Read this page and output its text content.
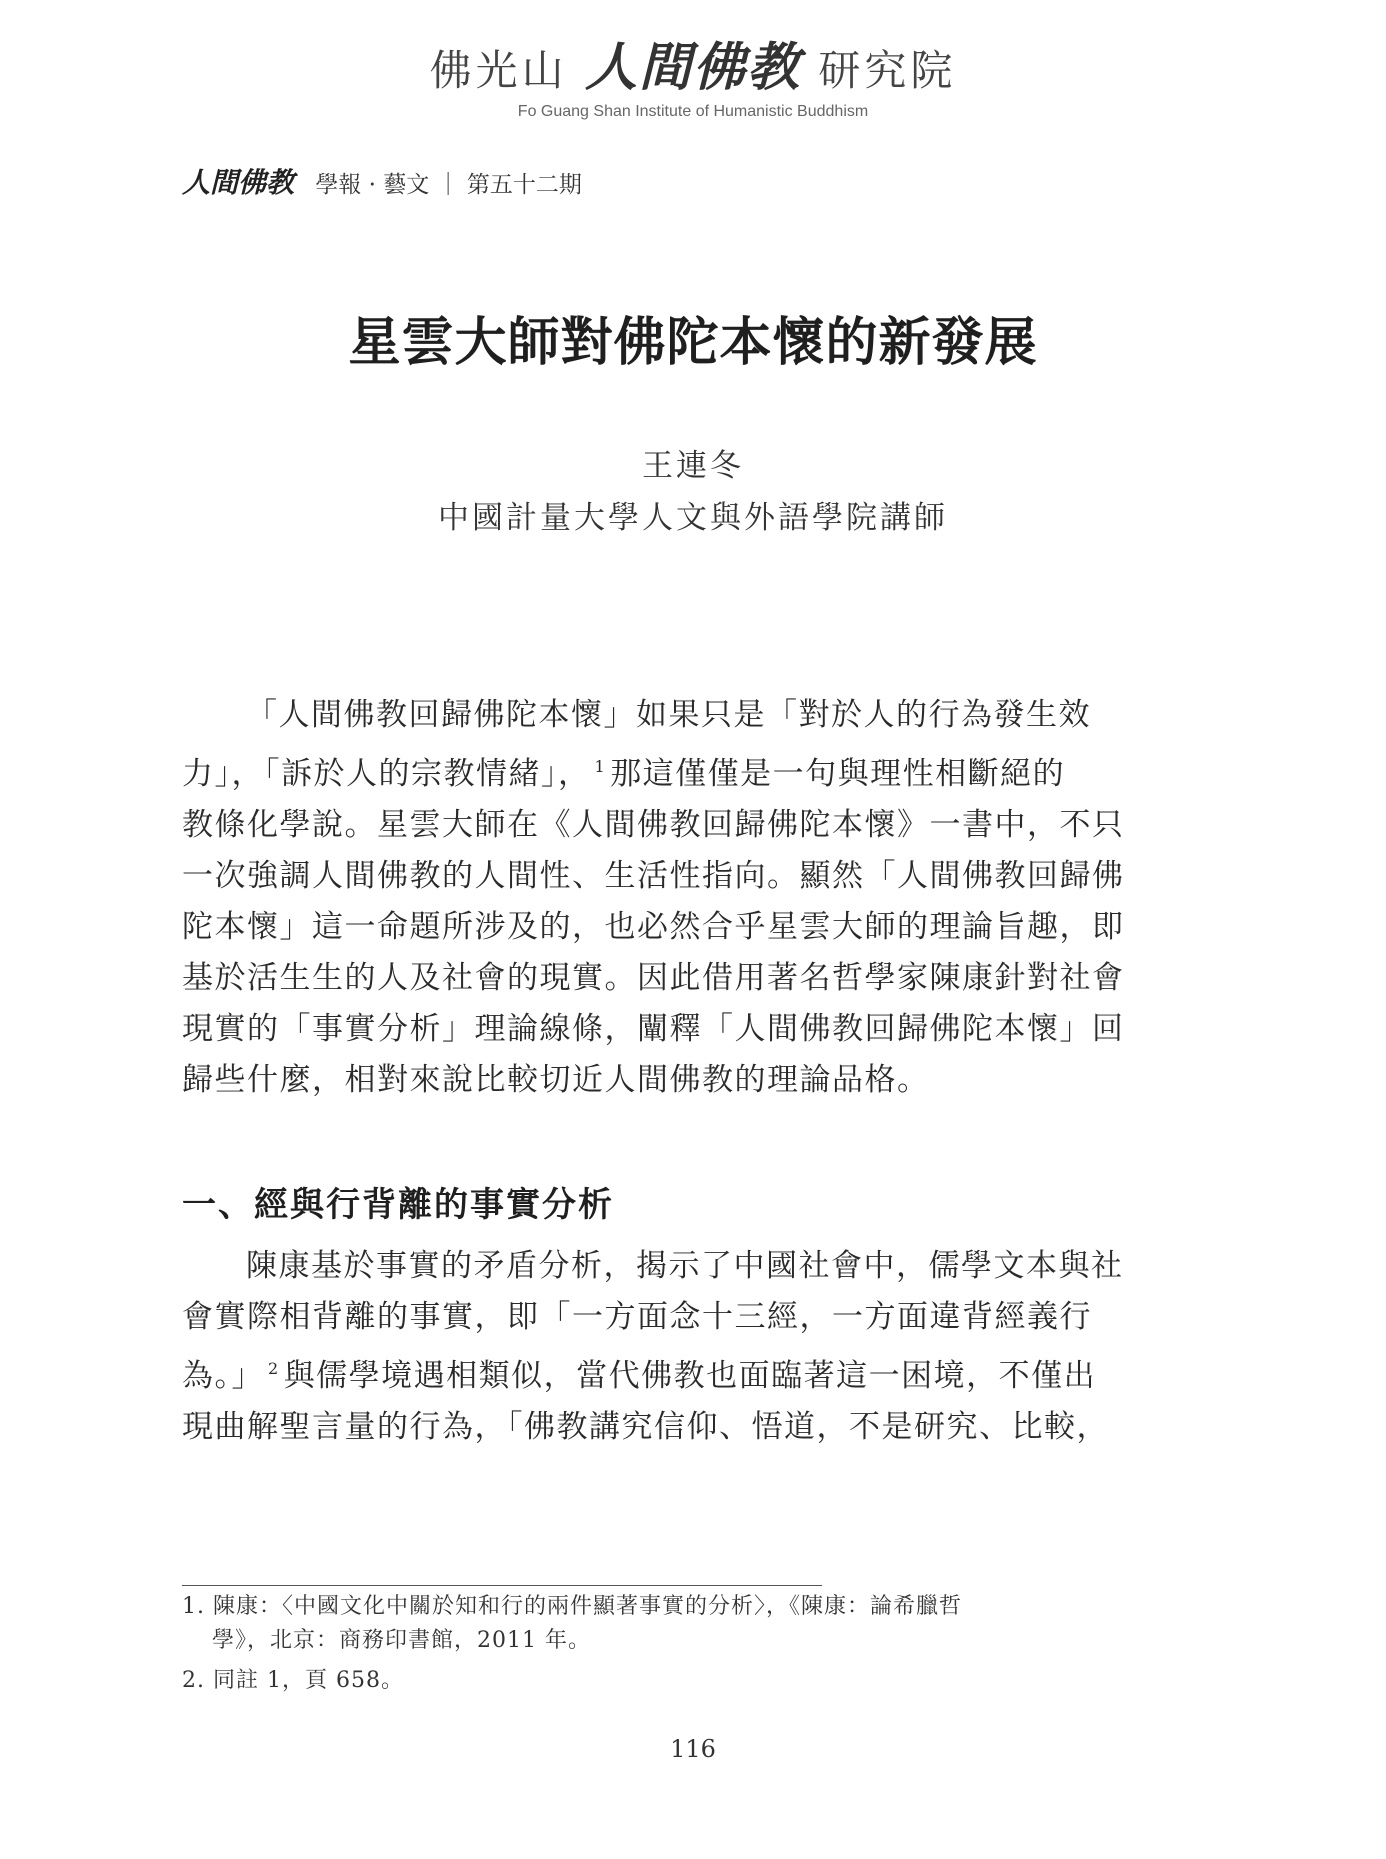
佛光山 人間佛教 研究院
Fo Guang Shan Institute of Humanistic Buddhism
人間佛教 學報 · 藝文 ｜ 第五十二期
星雲大師對佛陀本懷的新發展
王連冬
中國計量大學人文與外語學院講師

「人間佛教回歸佛陀本懷」如果只是「對於人的行為發生效

力」，「訴於人的宗教情緒」， $^1$ 那這僅僅是一句與理性相斷絕的

教條化學說。星雲大師在《人間佛教回歸佛陀本懷》一書中，不只

一次強調人間佛教的人間性、生活性指向。顯然「人間佛教回歸佛

陀本懷」這一命題所涉及的，也必然合乎星雲大師的理論旨趣，即

基於活生生的人及社會的現實。因此借用著名哲學家陳康針對社會

現實的「事實分析」理論線條，闡釋「人間佛教回歸佛陀本懷」回

歸些什麼，相對來說比較切近人間佛教的理論品格。

一、經與行背離的事實分析

陳康基於事實的矛盾分析，揭示了中國社會中，儒學文本與社

會實際相背離的事實，即「一方面念十三經，一方面違背經義行

為。」 $^2$ 與儒學境遇相類似，當代佛教也面臨著這一困境，不僅出

現曲解聖言量的行為，「佛教講究信仰、悟道，不是研究、比較，

1. 陳康：〈中國文化中關於知和行的兩件顯著事實的分析〉，《陳康：論希臘哲

學》，北京：商務印書館，2011 年。

2. 同註 1，頁 658。

116
